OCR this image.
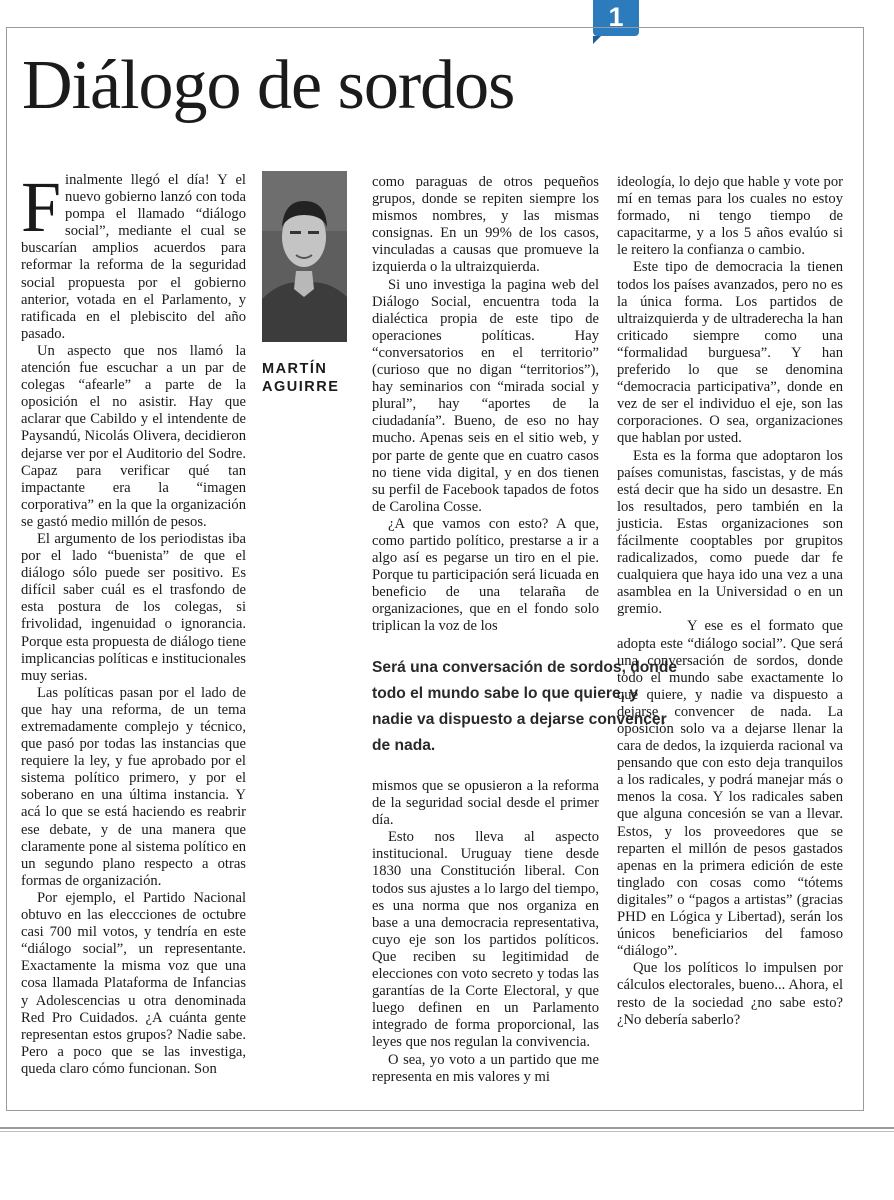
1
Diálogo de sordos

Finalmente llegó el día! Y el nuevo gobierno lanzó con toda pompa el llamado “diálogo social”, mediante el cual se buscarían amplios acuerdos para reformar la reforma de la seguridad social propuesta por el gobierno anterior, votada en el Parlamento, y ratificada en el plebiscito del año pasado.

Un aspecto que nos llamó la atención fue escuchar a un par de colegas “afearle” a parte de la oposición el no asistir. Hay que aclarar que Cabildo y el intendente de Paysandú, Nicolás Olivera, decidieron dejarse ver por el Auditorio del Sodre. Capaz para verificar qué tan impactante era la “imagen corporativa” en la que la organización se gastó medio millón de pesos.

El argumento de los periodistas iba por el lado “buenista” de que el diálogo sólo puede ser positivo. Es difícil saber cuál es el trasfondo de esta postura de los colegas, si frivolidad, ingenuidad o ignorancia. Porque esta propuesta de diálogo tiene implicancias políticas e institucionales muy serias.

Las políticas pasan por el lado de que hay una reforma, de un tema extremadamente complejo y técnico, que pasó por todas las instancias que requiere la ley, y fue aprobado por el sistema político primero, y por el soberano en una última instancia. Y acá lo que se está haciendo es reabrir ese debate, y de una manera que claramente pone al sistema político en un segundo plano respecto a otras formas de organización.

Por ejemplo, el Partido Nacional obtuvo en las eleccciones de octubre casi 700 mil votos, y tendría en este “diálogo social”, un representante. Exactamente la misma voz que una cosa llamada Plataforma de Infancias y Adolescencias u otra denominada Red Pro Cuidados. ¿A cuánta gente representan estos grupos? Nadie sabe. Pero a poco que se las investiga, queda claro cómo funcionan. Son

MARTÍN
AGUIRRE

como paraguas de otros pequeños grupos, donde se repiten siempre los mismos nombres, y las mismas consignas. En un 99% de los casos, vinculadas a causas que promueve la izquierda o la ultraizquierda.

Si uno investiga la pagina web del Diálogo Social, encuentra toda la dialéctica propia de este tipo de operaciones políticas. Hay “conversatorios en el territorio” (curioso que no digan “territorios”), hay seminarios con “mirada social y plural”, hay “aportes de la ciudadanía”. Bueno, de eso no hay mucho. Apenas seis en el sitio web, y por parte de gente que en cuatro casos no tiene vida digital, y en dos tienen su perfil de Facebook tapados de fotos de Carolina Cosse.

¿A que vamos con esto? A que, como partido político, prestarse a ir a algo así es pegarse un tiro en el pie. Porque tu participación será licuada en beneficio de una telaraña de organizaciones, que en el fondo solo triplican la voz de los

Será una conversación de sordos, donde todo el mundo sabe lo que quiere, y nadie va dispuesto a dejarse convencer de nada.

mismos que se opusieron a la reforma de la seguridad social desde el primer día.

Esto nos lleva al aspecto institucional. Uruguay tiene desde 1830 una Constitución liberal. Con todos sus ajustes a lo largo del tiempo, es una norma que nos organiza en base a una democracia representativa, cuyo eje son los partidos políticos. Que reciben su legitimidad de elecciones con voto secreto y todas las garantías de la Corte Electoral, y que luego definen en un Parlamento integrado de forma proporcional, las leyes que nos regulan la convivencia.

O sea, yo voto a un partido que me representa en mis valores y mi

ideología, lo dejo que hable y vote por mí en temas para los cuales no estoy formado, ni tengo tiempo de capacitarme, y a los 5 años evalúo si le reitero la confianza o cambio.

Este tipo de democracia la tienen todos los países avanzados, pero no es la única forma. Los partidos de ultraizquierda y de ultraderecha la han criticado siempre como una “formalidad burguesa”. Y han preferido lo que se denomina “democracia participativa”, donde en vez de ser el individuo el eje, son las corporaciones. O sea, organizaciones que hablan por usted.

Esta es la forma que adoptaron los países comunistas, fascistas, y de más está decir que ha sido un desastre. En los resultados, pero también en la justicia. Estas organizaciones son fácilmente cooptables por grupitos radicalizados, como puede dar fe cualquiera que haya ido una vez a una asamblea en la Universidad o en un gremio.

Y ese es el formato que adopta este “diálogo social”. Que será una conversación de sordos, donde todo el mundo sabe exactamente lo que quiere, y nadie va dispuesto a dejarse convencer de nada. La oposición solo va a dejarse llenar la cara de dedos, la izquierda racional va pensando que con esto deja tranquilos a los radicales, y podrá manejar más o menos la cosa. Y los radicales saben que alguna concesión se van a llevar. Estos, y los proveedores que se reparten el millón de pesos gastados apenas en la primera edición de este tinglado con cosas como “tótems digitales” o “pagos a artistas” (gracias PHD en Lógica y Libertad), serán los únicos beneficiarios del famoso “diálogo”.

Que los políticos lo impulsen por cálculos electorales, bueno... Ahora, el resto de la sociedad ¿no sabe esto? ¿No debería saberlo?
